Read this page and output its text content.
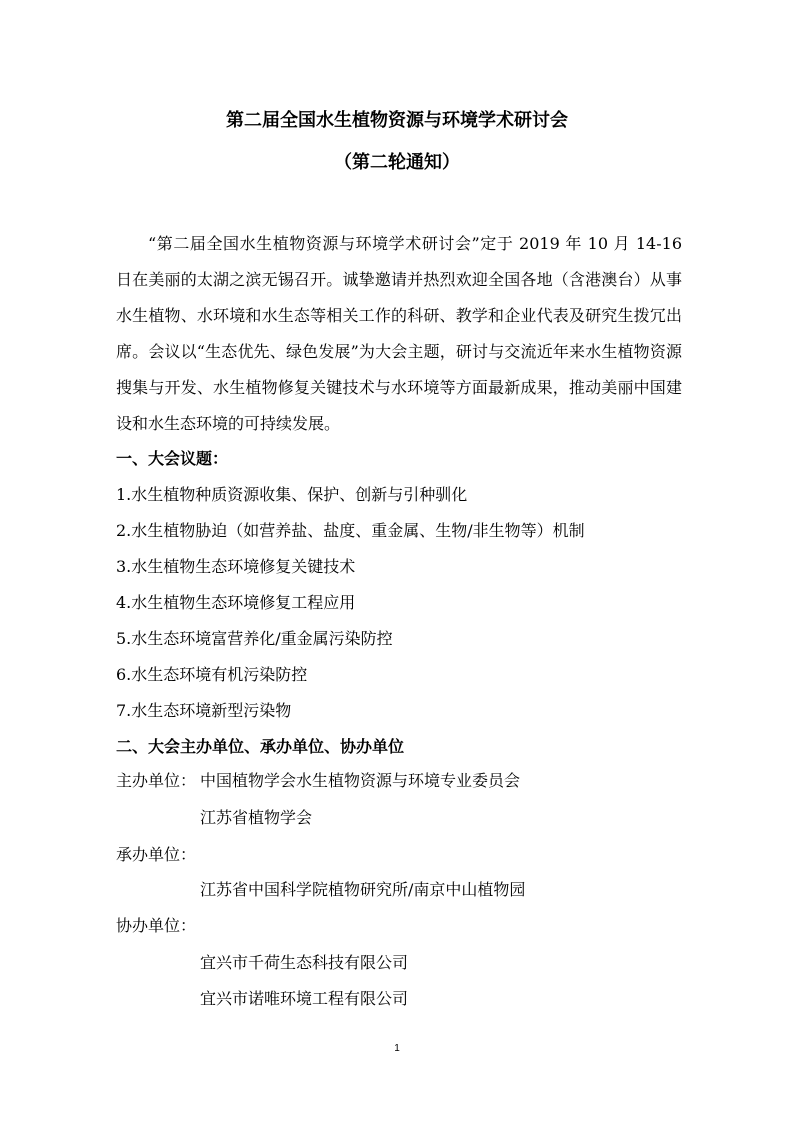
第二届全国水生植物资源与环境学术研讨会
（第二轮通知）

“第二届全国水生植物资源与环境学术研讨会”定于 2019 年 10 月 14-16 日在美丽的太湖之滨无锡召开。诚挚邀请并热烈欢迎全国各地（含港澳台）从事水生植物、水环境和水生态等相关工作的科研、教学和企业代表及研究生拨冗出席。会议以“生态优先、绿色发展”为大会主题，研讨与交流近年来水生植物资源搜集与开发、水生植物修复关键技术与水环境等方面最新成果，推动美丽中国建设和水生态环境的可持续发展。

一、大会议题：
1.水生植物种质资源收集、保护、创新与引种驯化
2.水生植物胁迫（如营养盐、盐度、重金属、生物/非生物等）机制
3.水生植物生态环境修复关键技术
4.水生植物生态环境修复工程应用
5.水生态环境富营养化/重金属污染防控
6.水生态环境有机污染防控
7.水生态环境新型污染物
二、大会主办单位、承办单位、协办单位
主办单位： 中国植物学会水生植物资源与环境专业委员会
江苏省植物学会
承办单位：
江苏省中国科学院植物研究所/南京中山植物园
协办单位：
宜兴市千荷生态科技有限公司
宜兴市诺唯环境工程有限公司
1
